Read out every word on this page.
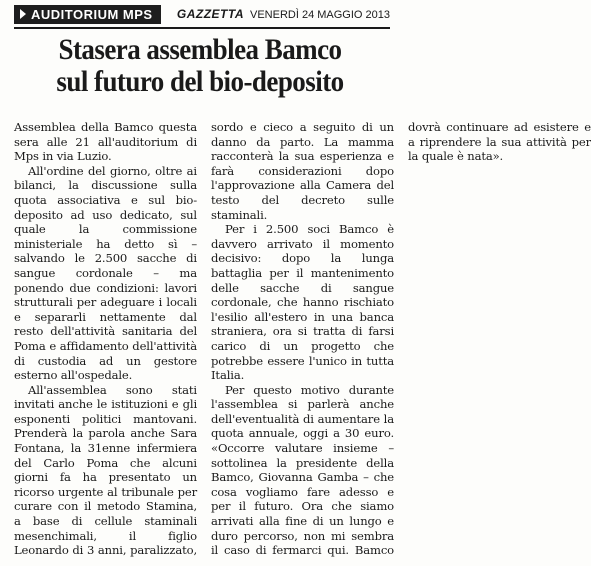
AUDITORIUM MPS GAZZETTA VENERDÌ 24 MAGGIO 2013
Stasera assemblea Bamco
sul futuro del bio-deposito

Assemblea della Bamco questa sera alle 21 all'auditorium di Mps in via Luzio.

All'ordine del giorno, oltre ai bilanci, la discussione sulla quota associativa e sul bio-deposito ad uso dedicato, sul quale la commissione ministeriale ha detto sì – salvando le 2.500 sacche di sangue cordonale – ma ponendo due condizioni: lavori strutturali per adeguare i locali e separarli nettamente dal resto dell'attività sanitaria del Poma e affidamento dell'attività di custodia ad un gestore esterno all'ospedale.

All'assemblea sono stati invitati anche le istituzioni e gli esponenti politici mantovani. Prenderà la parola anche Sara Fontana, la 31enne infermiera del Carlo Poma che alcuni giorni fa ha presentato un ricorso urgente al tribunale per curare con il metodo Stamina, a base di cellule staminali mesenchimali, il figlio Leonardo di 3 anni, paralizzato, sordo e cieco a seguito di un danno da parto. La mamma racconterà la sua esperienza e farà considerazioni dopo l'approvazione alla Camera del testo del decreto sulle staminali.

Per i 2.500 soci Bamco è davvero arrivato il momento decisivo: dopo la lunga battaglia per il mantenimento delle sacche di sangue cordonale, che hanno rischiato l'esilio all'estero in una banca straniera, ora si tratta di farsi carico di un progetto che potrebbe essere l'unico in tutta Italia.

Per questo motivo durante l'assemblea si parlerà anche dell'eventualità di aumentare la quota annuale, oggi a 30 euro. «Occorre valutare insieme – sottolinea la presidente della Bamco, Giovanna Gamba – che cosa vogliamo fare adesso e per il futuro. Ora che siamo arrivati alla fine di un lungo e duro percorso, non mi sembra il caso di fermarci qui. Bamco dovrà continuare ad esistere e a riprendere la sua attività per la quale è nata».
